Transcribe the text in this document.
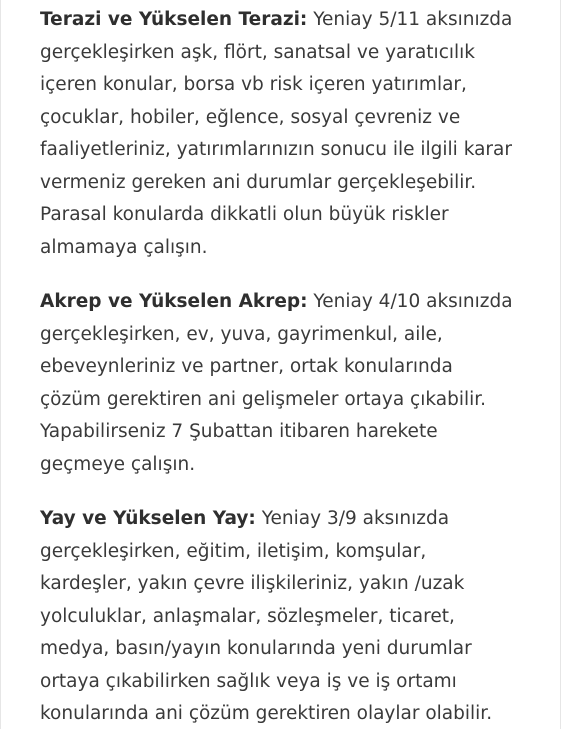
Terazi ve Yükselen Terazi: Yeniay 5/11 aksınızda
gerçekleşirken aşk, flört, sanatsal ve yaratıcılık
içeren konular, borsa vb risk içeren yatırımlar,
çocuklar, hobiler, eğlence, sosyal çevreniz ve
faaliyetleriniz, yatırımlarınızın sonucu ile ilgili karar
vermeniz gereken ani durumlar gerçekleşebilir.
Parasal konularda dikkatli olun büyük riskler
almamaya çalışın.

Akrep ve Yükselen Akrep: Yeniay 4/10 aksınızda
gerçekleşirken, ev, yuva, gayrimenkul, aile,
ebeveynleriniz ve partner, ortak konularında
çözüm gerektiren ani gelişmeler ortaya çıkabilir.
Yapabilirseniz 7 Şubattan itibaren harekete
geçmeye çalışın.

Yay ve Yükselen Yay: Yeniay 3/9 aksınızda
gerçekleşirken, eğitim, iletişim, komşular,
kardeşler, yakın çevre ilişkileriniz, yakın /uzak
yolculuklar, anlaşmalar, sözleşmeler, ticaret,
medya, basın/yayın konularında yeni durumlar
ortaya çıkabilirken sağlık veya iş ve iş ortamı
konularında ani çözüm gerektiren olaylar olabilir.
